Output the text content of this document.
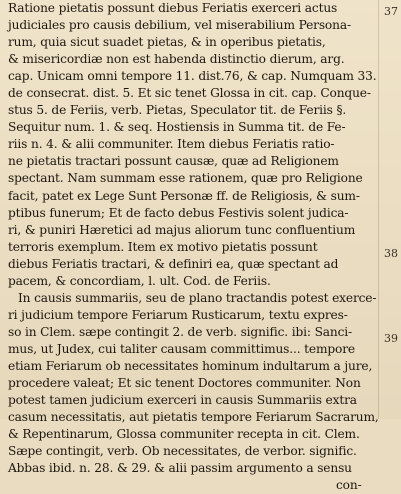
Ratione pietatis possunt diebus Feriatis exerceri actus
judiciales pro causis debilium, vel miserabilium Persona-
rum, quia sicut suadet pietas, & in operibus pietatis,
& misericordiæ non est habenda distinctio dierum, arg.
cap. Unicam omni tempore 11. dist.76, & cap. Numquam 33.
de consecrat. dist. 5. Et sic tenet Glossa in cit. cap. Conque-
stus 5. de Feriis, verb. Pietas, Speculator tit. de Feriis §.
Sequitur num. 1. & seq. Hostiensis in Summa tit. de Fe-
riis n. 4. & alii communiter. Item diebus Feriatis ratio-
ne pietatis tractari possunt causæ, quæ ad Religionem
spectant. Nam summam esse rationem, quæ pro Religione
facit, patet ex Lege Sunt Personæ ff. de Religiosis, & sum-
ptibus funerum; Et de facto debus Festivis solent judica-
ri, & puniri Hæretici ad majus aliorum tunc confluentium
terroris exemplum. Item ex motivo pietatis possunt
diebus Feriatis tractari, & definiri ea, quæ spectant ad
pacem, & concordiam, l. ult. Cod. de Feriis.
In causis summariis, seu de plano tractandis potest exerce-
ri judicium tempore Feriarum Rusticarum, textu expres-
so in Clem. sæpe contingit 2. de verb. signific. ibi: Sanci-
mus, ut Judex, cui taliter causam committimus... tempore
etiam Feriarum ob necessitates hominum indultarum a jure,
procedere valeat; Et sic tenent Doctores communiter. Non
potest tamen judicium exerceri in causis Summariis extra
casum necessitatis, aut pietatis tempore Feriarum Sacrarum,
& Repentinarum, Glossa communiter recepta in cit. Clem.
Sæpe contingit, verb. Ob necessitates, de verbor. signific.
Abbas ibid. n. 28. & 29. & alii passim argumento a sensu
con-
37
38
39
